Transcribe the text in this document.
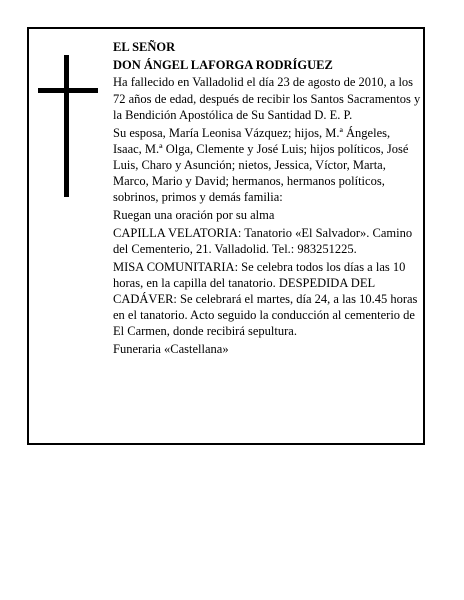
EL SEÑOR

DON ÁNGEL LAFORGA RODRÍGUEZ

Ha fallecido en Valladolid el día 23 de agosto de 2010, a los 72 años de edad, después de recibir los Santos Sacramentos y la Bendición Apostólica de Su Santidad D. E. P.

Su esposa, María Leonisa Vázquez; hijos, M.ª Ángeles, Isaac, M.ª Olga, Clemente y José Luis; hijos políticos, José Luis, Charo y Asunción; nietos, Jessica, Víctor, Marta, Marco, Mario y David; hermanos, hermanos políticos, sobrinos, primos y demás familia:

Ruegan una oración por su alma

CAPILLA VELATORIA: Tanatorio «El Salvador». Camino del Cementerio, 21. Valladolid. Tel.: 983251225.

MISA COMUNITARIA: Se celebra todos los días a las 10 horas, en la capilla del tanatorio. DESPEDIDA DEL CADÁVER: Se celebrará el martes, día 24, a las 10.45 horas en el tanatorio. Acto seguido la conducción al cementerio de El Carmen, donde recibirá sepultura.

Funeraria «Castellana»
